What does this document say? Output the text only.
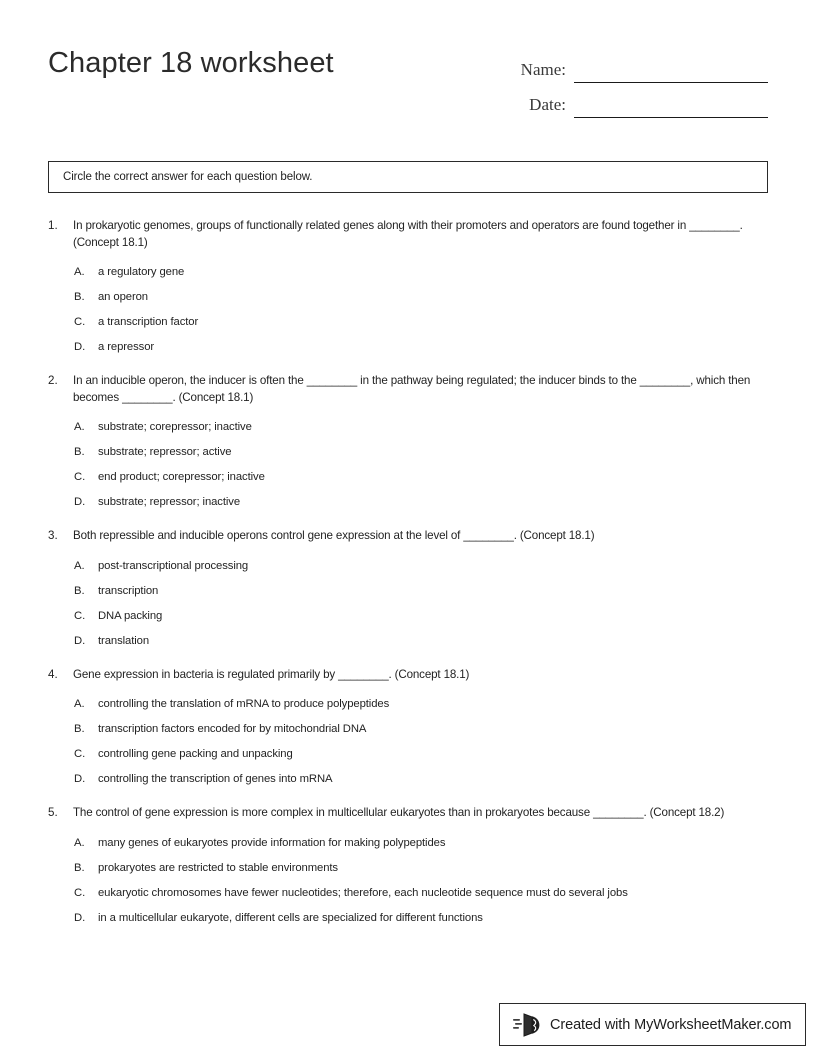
Chapter 18 worksheet	Name:
Date:
Circle the correct answer for each question below.
1.	In prokaryotic genomes, groups of functionally related genes along with their promoters and operators are found together in ________. (Concept 18.1)
A.	a regulatory gene
B.	an operon
C.	a transcription factor
D.	a repressor
2.	In an inducible operon, the inducer is often the ________ in the pathway being regulated; the inducer binds to the ________, which then becomes ________. (Concept 18.1)
A.	substrate; corepressor; inactive
B.	substrate; repressor; active
C.	end product; corepressor; inactive
D.	substrate; repressor; inactive
3.	Both repressible and inducible operons control gene expression at the level of ________. (Concept 18.1)
A.	post-transcriptional processing
B.	transcription
C.	DNA packing
D.	translation
4.	Gene expression in bacteria is regulated primarily by ________. (Concept 18.1)
A.	controlling the translation of mRNA to produce polypeptides
B.	transcription factors encoded for by mitochondrial DNA
C.	controlling gene packing and unpacking
D.	controlling the transcription of genes into mRNA
5.	The control of gene expression is more complex in multicellular eukaryotes than in prokaryotes because ________. (Concept 18.2)
A.	many genes of eukaryotes provide information for making polypeptides
B.	prokaryotes are restricted to stable environments
C.	eukaryotic chromosomes have fewer nucleotides; therefore, each nucleotide sequence must do several jobs
D.	in a multicellular eukaryote, different cells are specialized for different functions
Created with MyWorksheetMaker.com
